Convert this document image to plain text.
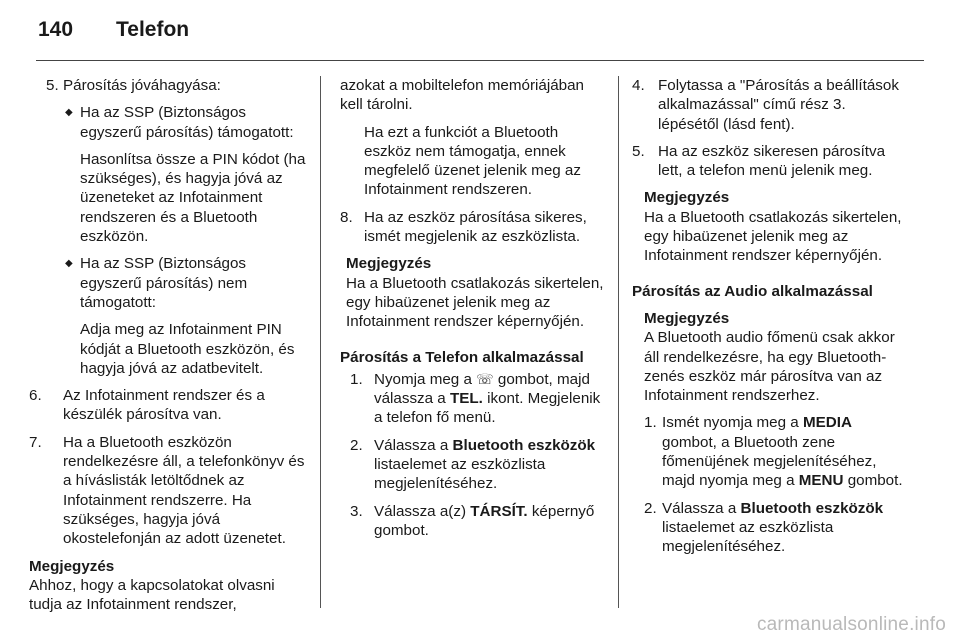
140	Telefon
5. Párosítás jóváhagyása:
◆ Ha az SSP (Biztonságos egyszerű párosítás) támogatott:
Hasonlítsa össze a PIN kódot (ha szükséges), és hagyja jóvá az üzeneteket az Infotainment rendszeren és a Bluetooth eszközön.
◆ Ha az SSP (Biztonságos egyszerű párosítás) nem támogatott:
Adja meg az Infotainment PIN kódját a Bluetooth eszközön, és hagyja jóvá az adatbevitelt.
6. Az Infotainment rendszer és a készülék párosítva van.
7. Ha a Bluetooth eszközön rendelkezésre áll, a telefonkönyv és a híváslisták letöltődnek az Infotainment rendszerre. Ha szükséges, hagyja jóvá okostelefonján az adott üzenetet.
Megjegyzés
Ahhoz, hogy a kapcsolatokat olvasni tudja az Infotainment rendszer,
azokat a mobiltelefon memóriájában kell tárolni.
Ha ezt a funkciót a Bluetooth eszköz nem támogatja, ennek megfelelő üzenet jelenik meg az Infotainment rendszeren.
8. Ha az eszköz párosítása sikeres, ismét megjelenik az eszközlista.
Megjegyzés
Ha a Bluetooth csatlakozás sikertelen, egy hibaüzenet jelenik meg az Infotainment rendszer képernyőjén.
Párosítás a Telefon alkalmazással
1. Nyomja meg a ☏ gombot, majd válassza a TEL. ikont. Megjelenik a telefon fő menü.
2. Válassza a Bluetooth eszközök listaelemet az eszközlista megjelenítéséhez.
3. Válassza a(z) TÁRSÍT. képernyő gombot.
4. Folytassa a "Párosítás a beállítások alkalmazással" című rész 3. lépésétől (lásd fent).
5. Ha az eszköz sikeresen párosítva lett, a telefon menü jelenik meg.
Megjegyzés
Ha a Bluetooth csatlakozás sikertelen, egy hibaüzenet jelenik meg az Infotainment rendszer képernyőjén.
Párosítás az Audio alkalmazással
Megjegyzés
A Bluetooth audio főmenü csak akkor áll rendelkezésre, ha egy Bluetooth-zenés eszköz már párosítva van az Infotainment rendszerhez.
1. Ismét nyomja meg a MEDIA gombot, a Bluetooth zene főmenüjének megjelenítéséhez, majd nyomja meg a MENU gombot.
2. Válassza a Bluetooth eszközök listaelemet az eszközlista megjelenítéséhez.
carmanualsonline.info
